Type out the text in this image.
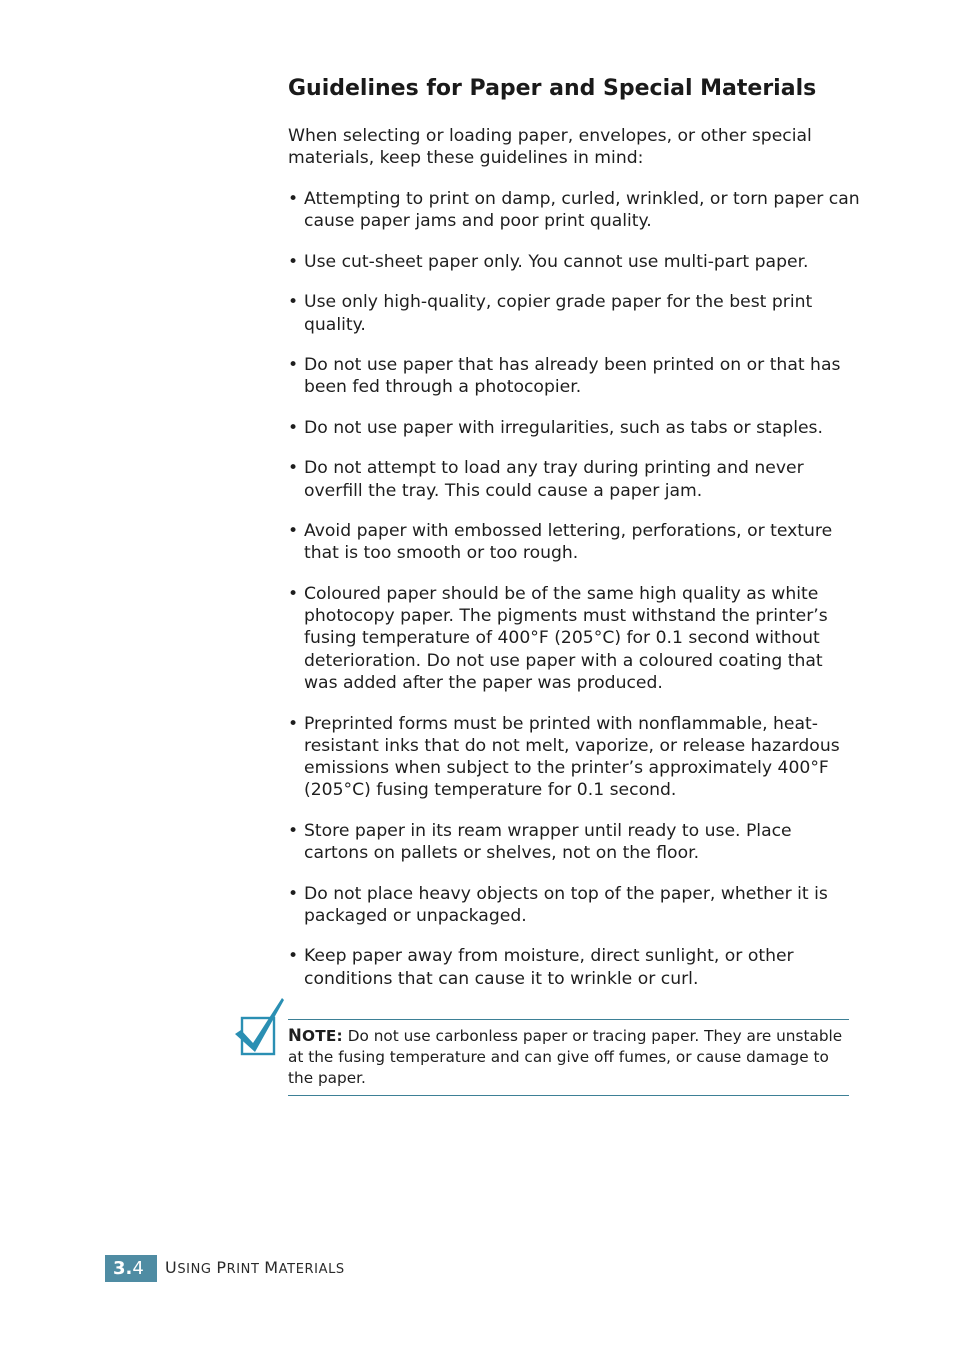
Guidelines for Paper and Special Materials

When selecting or loading paper, envelopes, or other special materials, keep these guidelines in mind:

• Attempting to print on damp, curled, wrinkled, or torn paper can cause paper jams and poor print quality.
• Use cut-sheet paper only. You cannot use multi-part paper.
• Use only high-quality, copier grade paper for the best print quality.
• Do not use paper that has already been printed on or that has been fed through a photocopier.
• Do not use paper with irregularities, such as tabs or staples.
• Do not attempt to load any tray during printing and never overfill the tray. This could cause a paper jam.
• Avoid paper with embossed lettering, perforations, or texture that is too smooth or too rough.
• Coloured paper should be of the same high quality as white photocopy paper. The pigments must withstand the printer’s fusing temperature of 400°F (205°C) for 0.1 second without deterioration. Do not use paper with a coloured coating that was added after the paper was produced.
• Preprinted forms must be printed with nonflammable, heat-resistant inks that do not melt, vaporize, or release hazardous emissions when subject to the printer’s approximately 400°F (205°C) fusing temperature for 0.1 second.
• Store paper in its ream wrapper until ready to use. Place cartons on pallets or shelves, not on the floor.
• Do not place heavy objects on top of the paper, whether it is packaged or unpackaged.
• Keep paper away from moisture, direct sunlight, or other conditions that can cause it to wrinkle or curl.

NOTE: Do not use carbonless paper or tracing paper. They are unstable at the fusing temperature and can give off fumes, or cause damage to the paper.

3.4	USING PRINT MATERIALS
